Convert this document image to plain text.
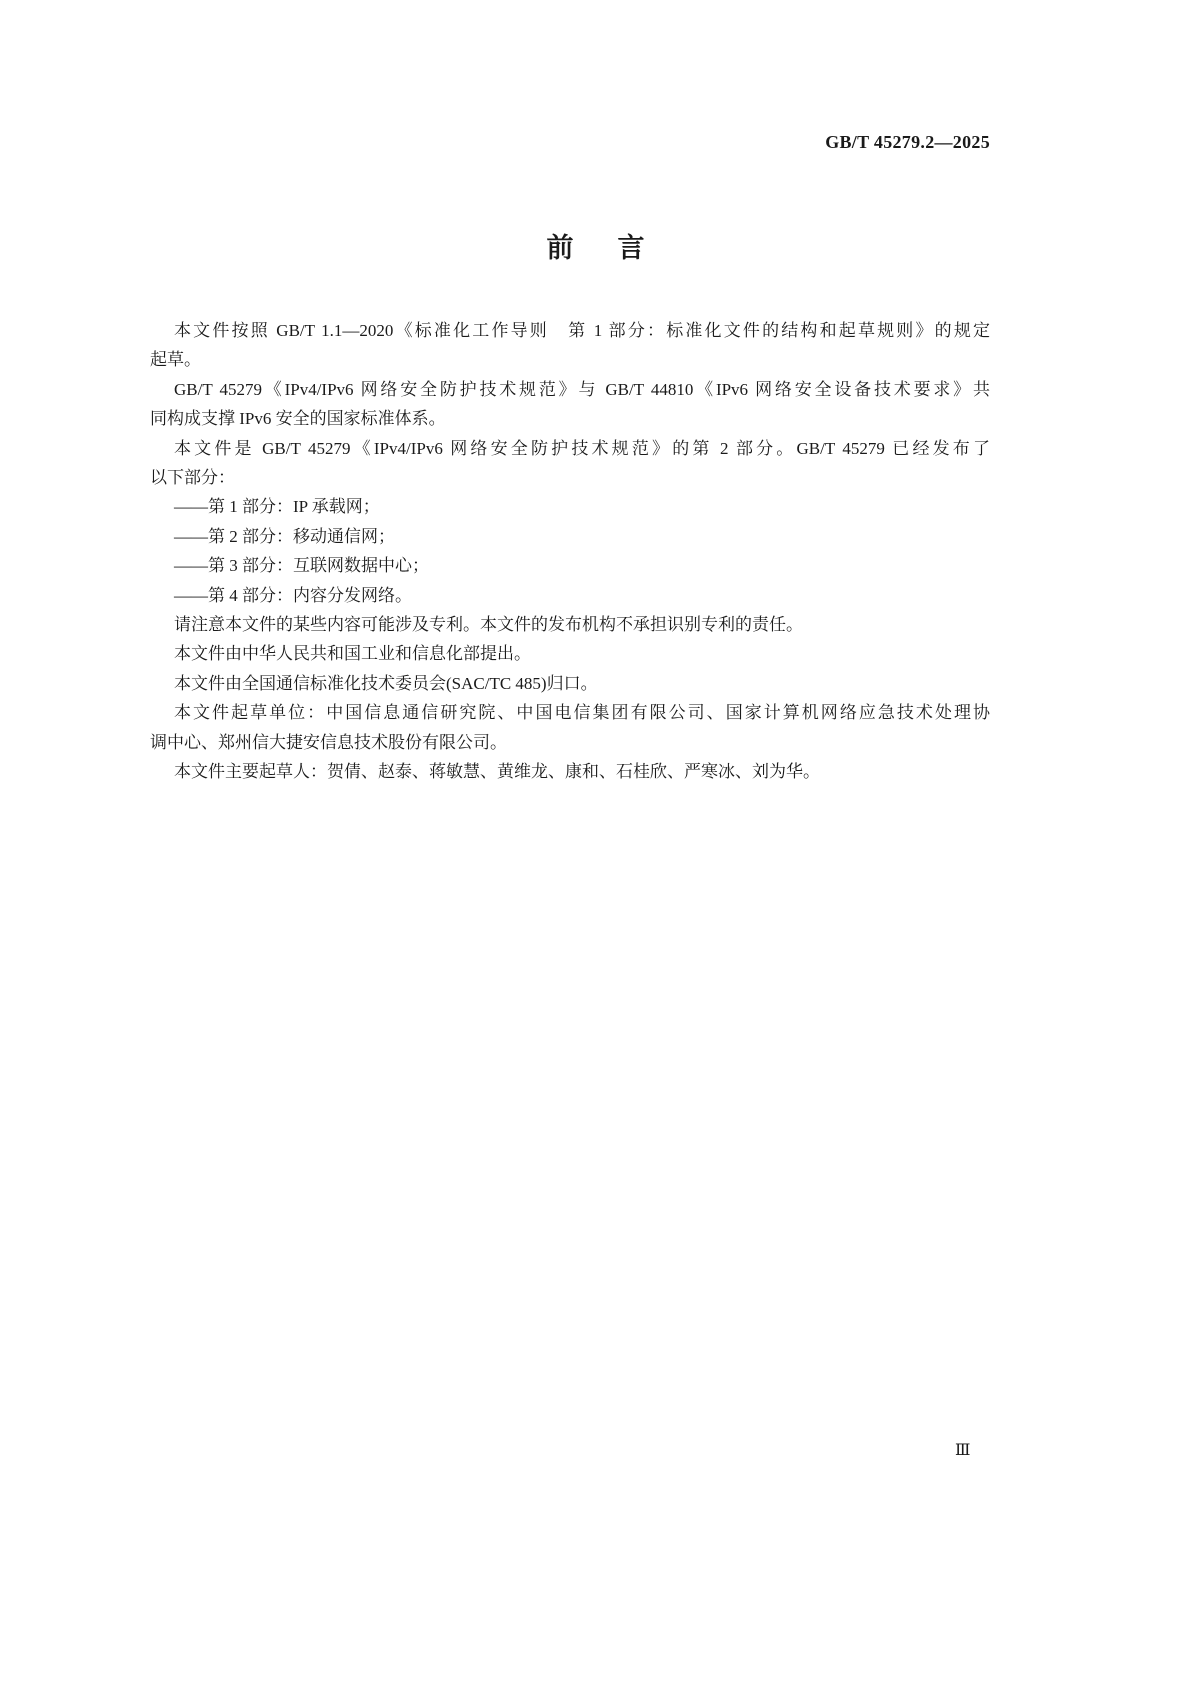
GB/T 45279.2—2025
前 言
本文件按照 GB/T 1.1—2020《标准化工作导则　第 1 部分：标准化文件的结构和起草规则》的规定
起草。
GB/T 45279《IPv4/IPv6 网络安全防护技术规范》与 GB/T 44810《IPv6 网络安全设备技术要求》共
同构成支撑 IPv6 安全的国家标准体系。
本文件是 GB/T 45279《IPv4/IPv6 网络安全防护技术规范》的第 2 部分。GB/T 45279 已经发布了
以下部分：
——第 1 部分：IP 承载网；
——第 2 部分：移动通信网；
——第 3 部分：互联网数据中心；
——第 4 部分：内容分发网络。
请注意本文件的某些内容可能涉及专利。本文件的发布机构不承担识别专利的责任。
本文件由中华人民共和国工业和信息化部提出。
本文件由全国通信标准化技术委员会(SAC/TC 485)归口。
本文件起草单位：中国信息通信研究院、中国电信集团有限公司、国家计算机网络应急技术处理协
调中心、郑州信大捷安信息技术股份有限公司。
本文件主要起草人：贺倩、赵泰、蒋敏慧、黄维龙、康和、石桂欣、严寒冰、刘为华。
Ⅲ
